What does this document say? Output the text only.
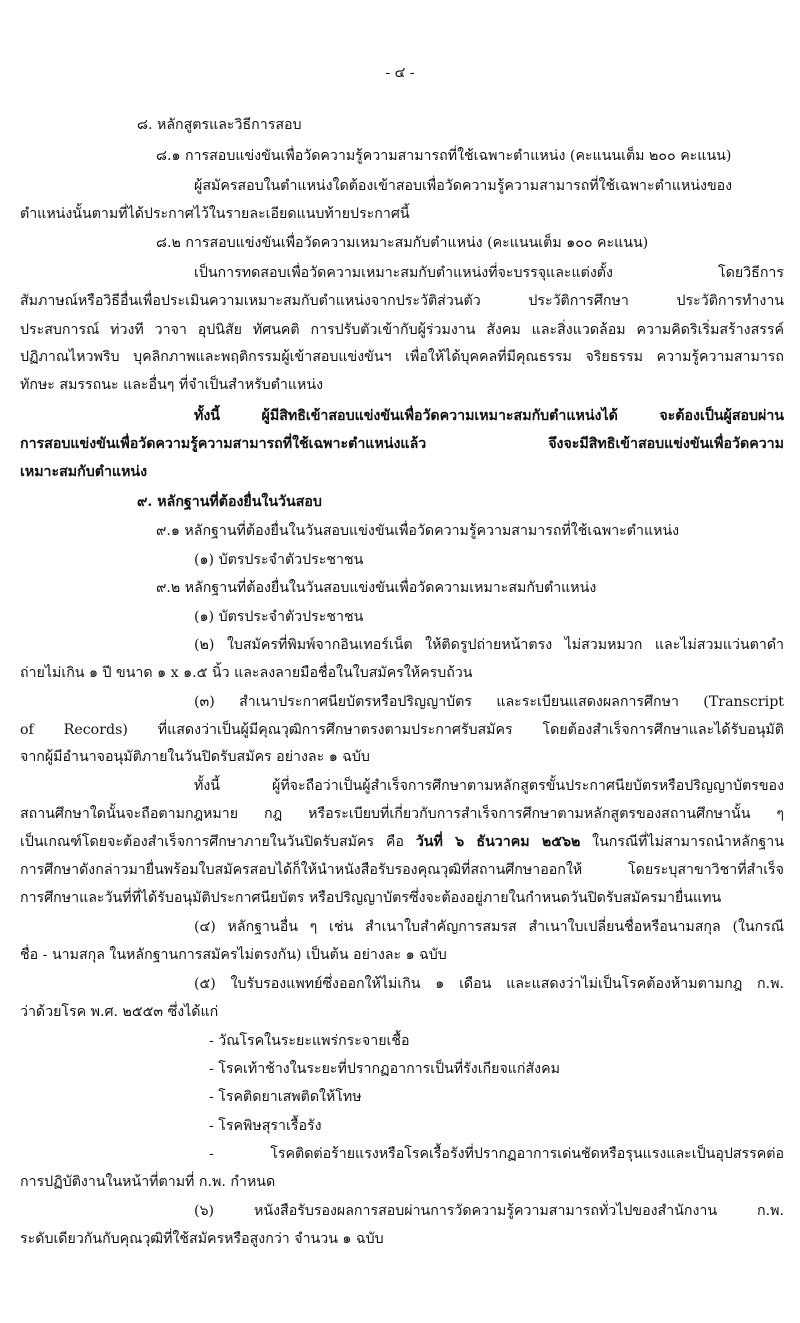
- ๔ -
๘. หลักสูตรและวิธีการสอบ
๘.๑ การสอบแข่งขันเพื่อวัดความรู้ความสามารถที่ใช้เฉพาะตำแหน่ง (คะแนนเต็ม ๒๐๐ คะแนน)
ผู้สมัครสอบในตำแหน่งใดต้องเข้าสอบเพื่อวัดความรู้ความสามารถที่ใช้เฉพาะตำแหน่งของ
ตำแหน่งนั้นตามที่ได้ประกาศไว้ในรายละเอียดแนบท้ายประกาศนี้
๘.๒ การสอบแข่งขันเพื่อวัดความเหมาะสมกับตำแหน่ง (คะแนนเต็ม ๑๐๐ คะแนน)
เป็นการทดสอบเพื่อวัดความเหมาะสมกับตำแหน่งที่จะบรรจุและแต่งตั้ง โดยวิธีการ
สัมภาษณ์หรือวิธีอื่นเพื่อประเมินความเหมาะสมกับตำแหน่งจากประวัติส่วนตัว ประวัติการศึกษา ประวัติการทำงาน
ประสบการณ์ ท่วงที วาจา อุปนิสัย ทัศนคติ การปรับตัวเข้ากับผู้ร่วมงาน สังคม และสิ่งแวดล้อม ความคิดริเริ่มสร้างสรรค์
ปฏิภาณไหวพริบ บุคลิกภาพและพฤติกรรมผู้เข้าสอบแข่งขันฯ เพื่อให้ได้บุคคลที่มีคุณธรรม จริยธรรม ความรู้ความสามารถ
ทักษะ สมรรถนะ และอื่นๆ ที่จำเป็นสำหรับตำแหน่ง
ทั้งนี้ ผู้มีสิทธิเข้าสอบแข่งขันเพื่อวัดความเหมาะสมกับตำแหน่งได้ จะต้องเป็นผู้สอบผ่าน
การสอบแข่งขันเพื่อวัดความรู้ความสามารถที่ใช้เฉพาะตำแหน่งแล้ว จึงจะมีสิทธิเข้าสอบแข่งขันเพื่อวัดความ
เหมาะสมกับตำแหน่ง
๙. หลักฐานที่ต้องยื่นในวันสอบ
๙.๑ หลักฐานที่ต้องยื่นในวันสอบแข่งขันเพื่อวัดความรู้ความสามารถที่ใช้เฉพาะตำแหน่ง
(๑) บัตรประจำตัวประชาชน
๙.๒ หลักฐานที่ต้องยื่นในวันสอบแข่งขันเพื่อวัดความเหมาะสมกับตำแหน่ง
(๑) บัตรประจำตัวประชาชน
(๒) ใบสมัครที่พิมพ์จากอินเทอร์เน็ต ให้ติดรูปถ่ายหน้าตรง ไม่สวมหมวก และไม่สวมแว่นตาดำ
ถ่ายไม่เกิน ๑ ปี ขนาด ๑ x ๑.๕ นิ้ว และลงลายมือชื่อในใบสมัครให้ครบถ้วน
(๓) สำเนาประกาศนียบัตรหรือปริญญาบัตร และระเบียนแสดงผลการศึกษา (Transcript
of Records) ที่แสดงว่าเป็นผู้มีคุณวุฒิการศึกษาตรงตามประกาศรับสมัคร โดยต้องสำเร็จการศึกษาและได้รับอนุมัติ
จากผู้มีอำนาจอนุมัติภายในวันปิดรับสมัคร อย่างละ ๑ ฉบับ
ทั้งนี้ ผู้ที่จะถือว่าเป็นผู้สำเร็จการศึกษาตามหลักสูตรขั้นประกาศนียบัตรหรือปริญญาบัตรของ
สถานศึกษาใดนั้นจะถือตามกฎหมาย กฎ หรือระเบียบที่เกี่ยวกับการสำเร็จการศึกษาตามหลักสูตรของสถานศึกษานั้น ๆ
เป็นเกณฑ์โดยจะต้องสำเร็จการศึกษาภายในวันปิดรับสมัคร คือ วันที่ ๖ ธันวาคม ๒๕๖๒ ในกรณีที่ไม่สามารถนำหลักฐาน
การศึกษาดังกล่าวมายื่นพร้อมใบสมัครสอบได้ก็ให้นำหนังสือรับรองคุณวุฒิที่สถานศึกษาออกให้ โดยระบุสาขาวิชาที่สำเร็จ
การศึกษาและวันที่ที่ได้รับอนุมัติประกาศนียบัตร หรือปริญญาบัตรซึ่งจะต้องอยู่ภายในกำหนดวันปิดรับสมัครมายื่นแทน
(๔) หลักฐานอื่น ๆ เช่น สำเนาใบสำคัญการสมรส สำเนาใบเปลี่ยนชื่อหรือนามสกุล (ในกรณี
ชื่อ - นามสกุล ในหลักฐานการสมัครไม่ตรงกัน) เป็นต้น อย่างละ ๑ ฉบับ
(๕) ใบรับรองแพทย์ซึ่งออกให้ไม่เกิน ๑ เดือน และแสดงว่าไม่เป็นโรคต้องห้ามตามกฎ ก.พ.
ว่าด้วยโรค พ.ศ. ๒๕๕๓ ซึ่งได้แก่
- วัณโรคในระยะแพร่กระจายเชื้อ
- โรคเท้าช้างในระยะที่ปรากฏอาการเป็นที่รังเกียจแก่สังคม
- โรคติดยาเสพติดให้โทษ
- โรคพิษสุราเรื้อรัง
- โรคติดต่อร้ายแรงหรือโรคเรื้อรังที่ปรากฏอาการเด่นชัดหรือรุนแรงและเป็นอุปสรรคต่อ
การปฏิบัติงานในหน้าที่ตามที่ ก.พ. กำหนด
(๖) หนังสือรับรองผลการสอบผ่านการวัดความรู้ความสามารถทั่วไปของสำนักงาน ก.พ.
ระดับเดียวกันกับคุณวุฒิที่ใช้สมัครหรือสูงกว่า จำนวน ๑ ฉบับ
